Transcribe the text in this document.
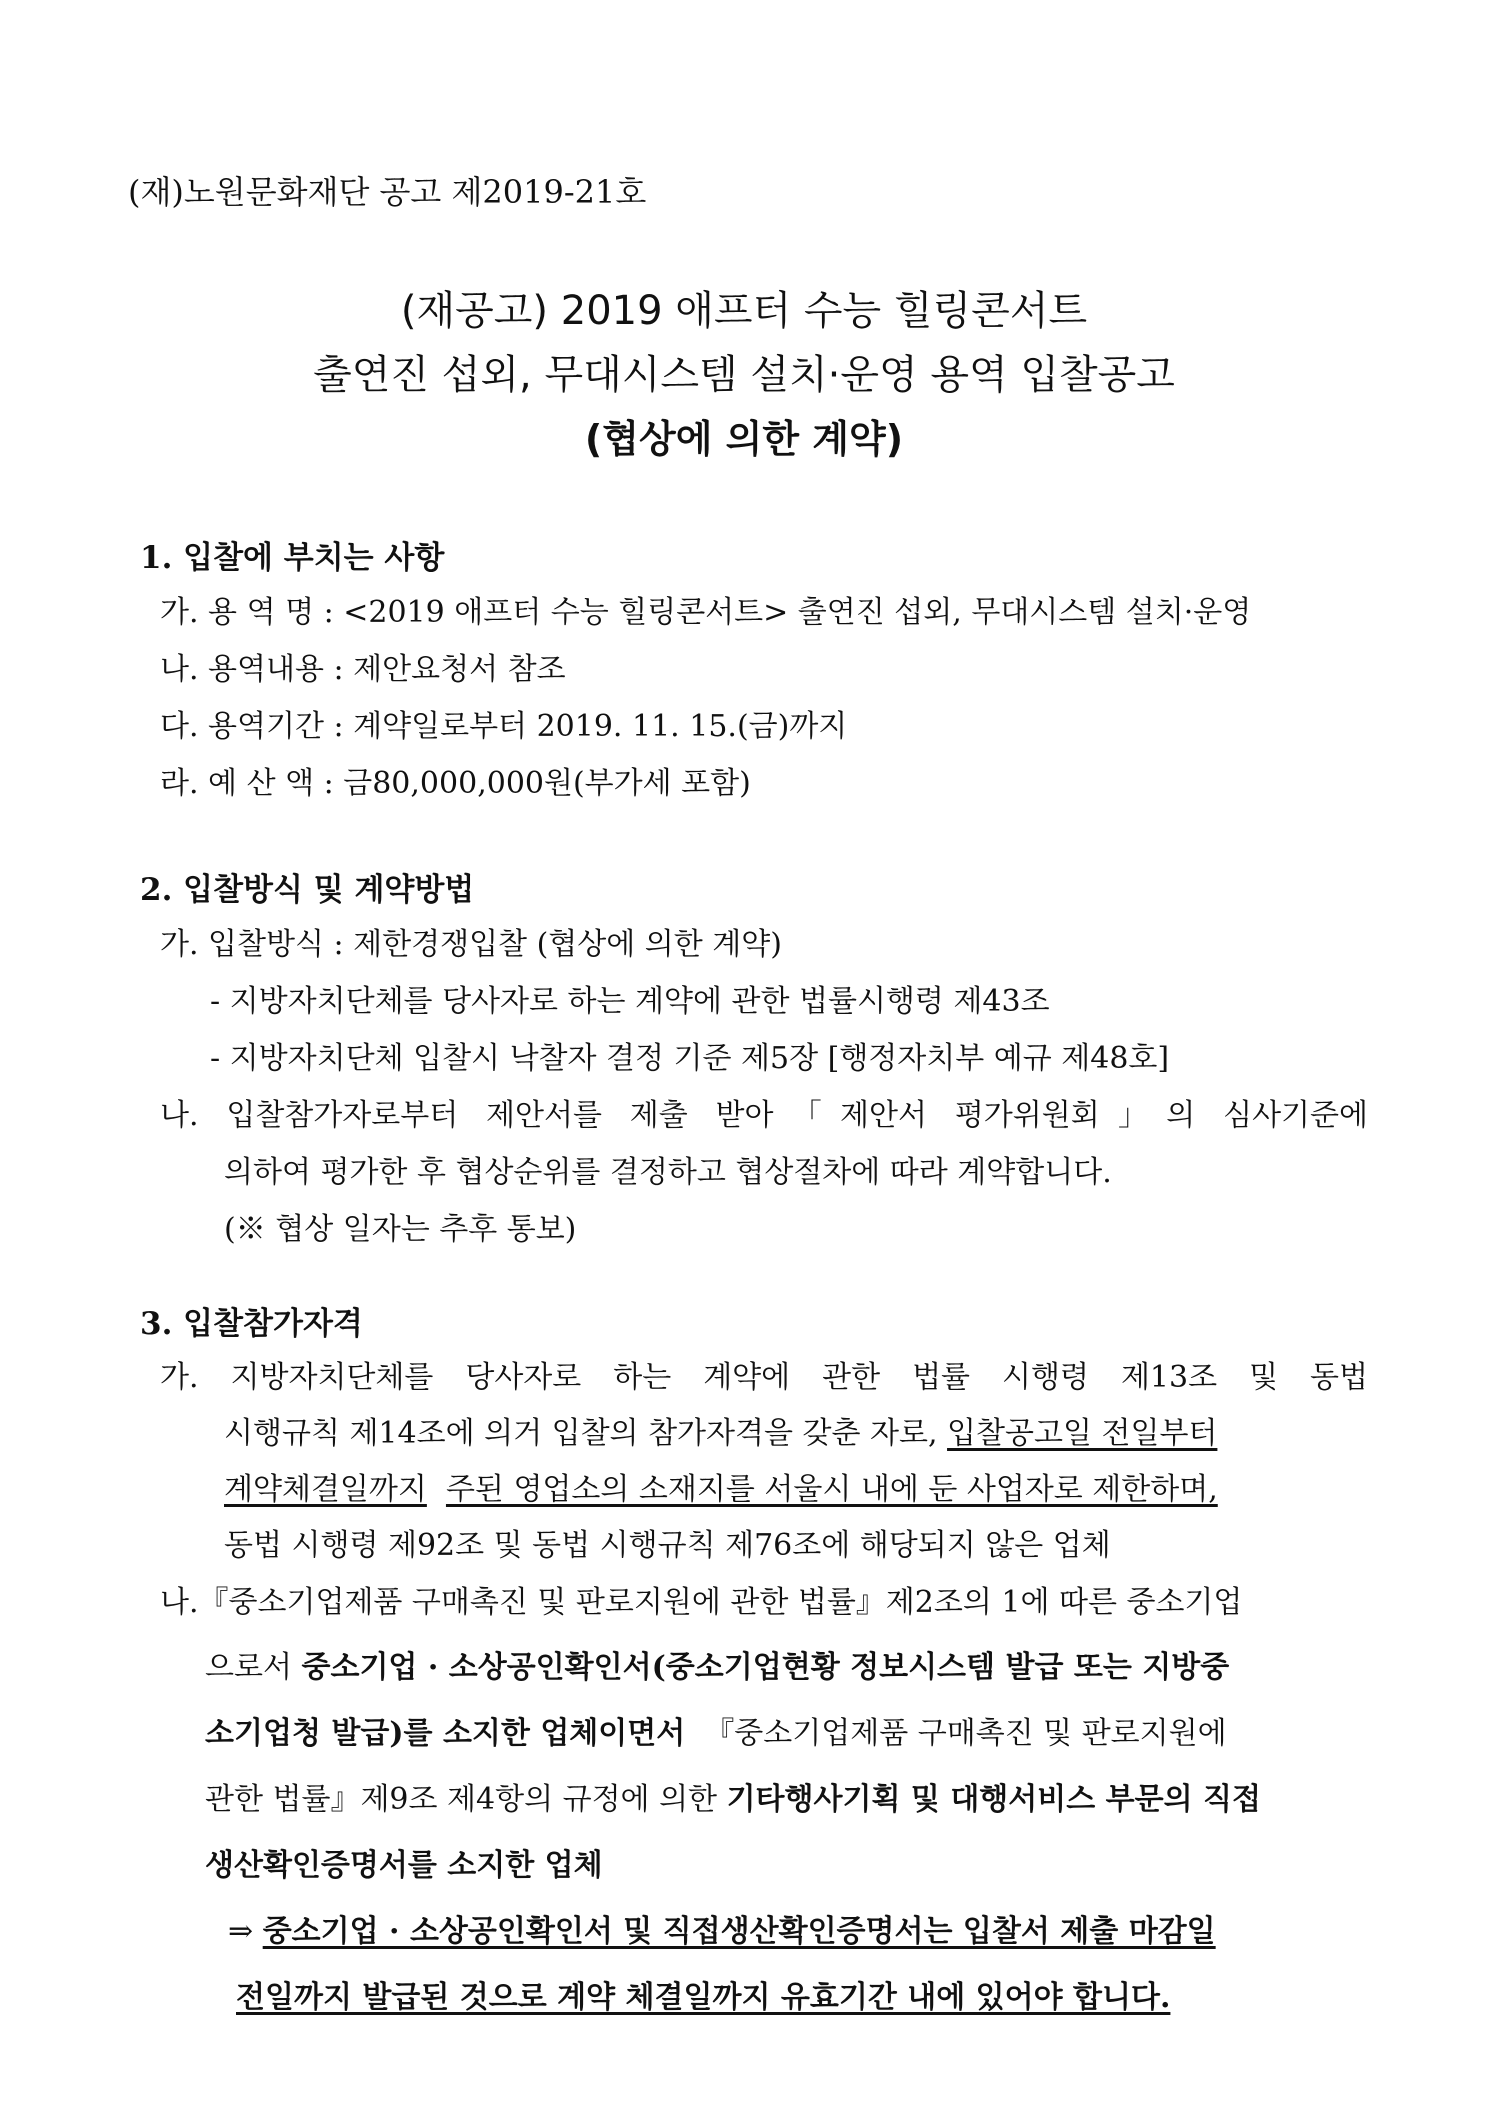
(재)노원문화재단 공고 제2019-21호
(재공고) 2019 애프터 수능 힐링콘서트
출연진 섭외, 무대시스템 설치·운영 용역 입찰공고
(협상에 의한 계약)
1. 입찰에 부치는 사항
가. 용 역 명 : <2019 애프터 수능 힐링콘서트> 출연진 섭외, 무대시스템 설치·운영
나. 용역내용 : 제안요청서 참조
다. 용역기간 : 계약일로부터 2019. 11. 15.(금)까지
라. 예 산 액 : 금80,000,000원(부가세 포함)
2. 입찰방식 및 계약방법
가. 입찰방식 : 제한경쟁입찰 (협상에 의한 계약)
- 지방자치단체를 당사자로 하는 계약에 관한 법률시행령 제43조
- 지방자치단체 입찰시 낙찰자 결정 기준 제5장 [행정자치부 예규 제48호]
나. 입찰참가자로부터 제안서를 제출 받아「제안서 평가위원회」의 심사기준에
의하여 평가한 후 협상순위를 결정하고 협상절차에 따라 계약합니다.
(※ 협상 일자는 추후 통보)
3. 입찰참가자격
가. 지방자치단체를 당사자로 하는 계약에 관한 법률 시행령 제13조 및 동법
시행규칙 제14조에 의거 입찰의 참가자격을 갖춘 자로, 입찰공고일 전일부터
계약체결일까지 주된 영업소의 소재지를 서울시 내에 둔 사업자로 제한하며,
동법 시행령 제92조 및 동법 시행규칙 제76조에 해당되지 않은 업체
나.『중소기업제품 구매촉진 및 판로지원에 관한 법률』제2조의 1에 따른 중소기업
으로서 중소기업 · 소상공인확인서(중소기업현황 정보시스템 발급 또는 지방중
소기업청 발급)를 소지한 업체이면서 『중소기업제품 구매촉진 및 판로지원에
관한 법률』제9조 제4항의 규정에 의한 기타행사기획 및 대행서비스 부문의 직접
생산확인증명서를 소지한 업체
⇒ 중소기업 · 소상공인확인서 및 직접생산확인증명서는 입찰서 제출 마감일
전일까지 발급된 것으로 계약 체결일까지 유효기간 내에 있어야 합니다.
